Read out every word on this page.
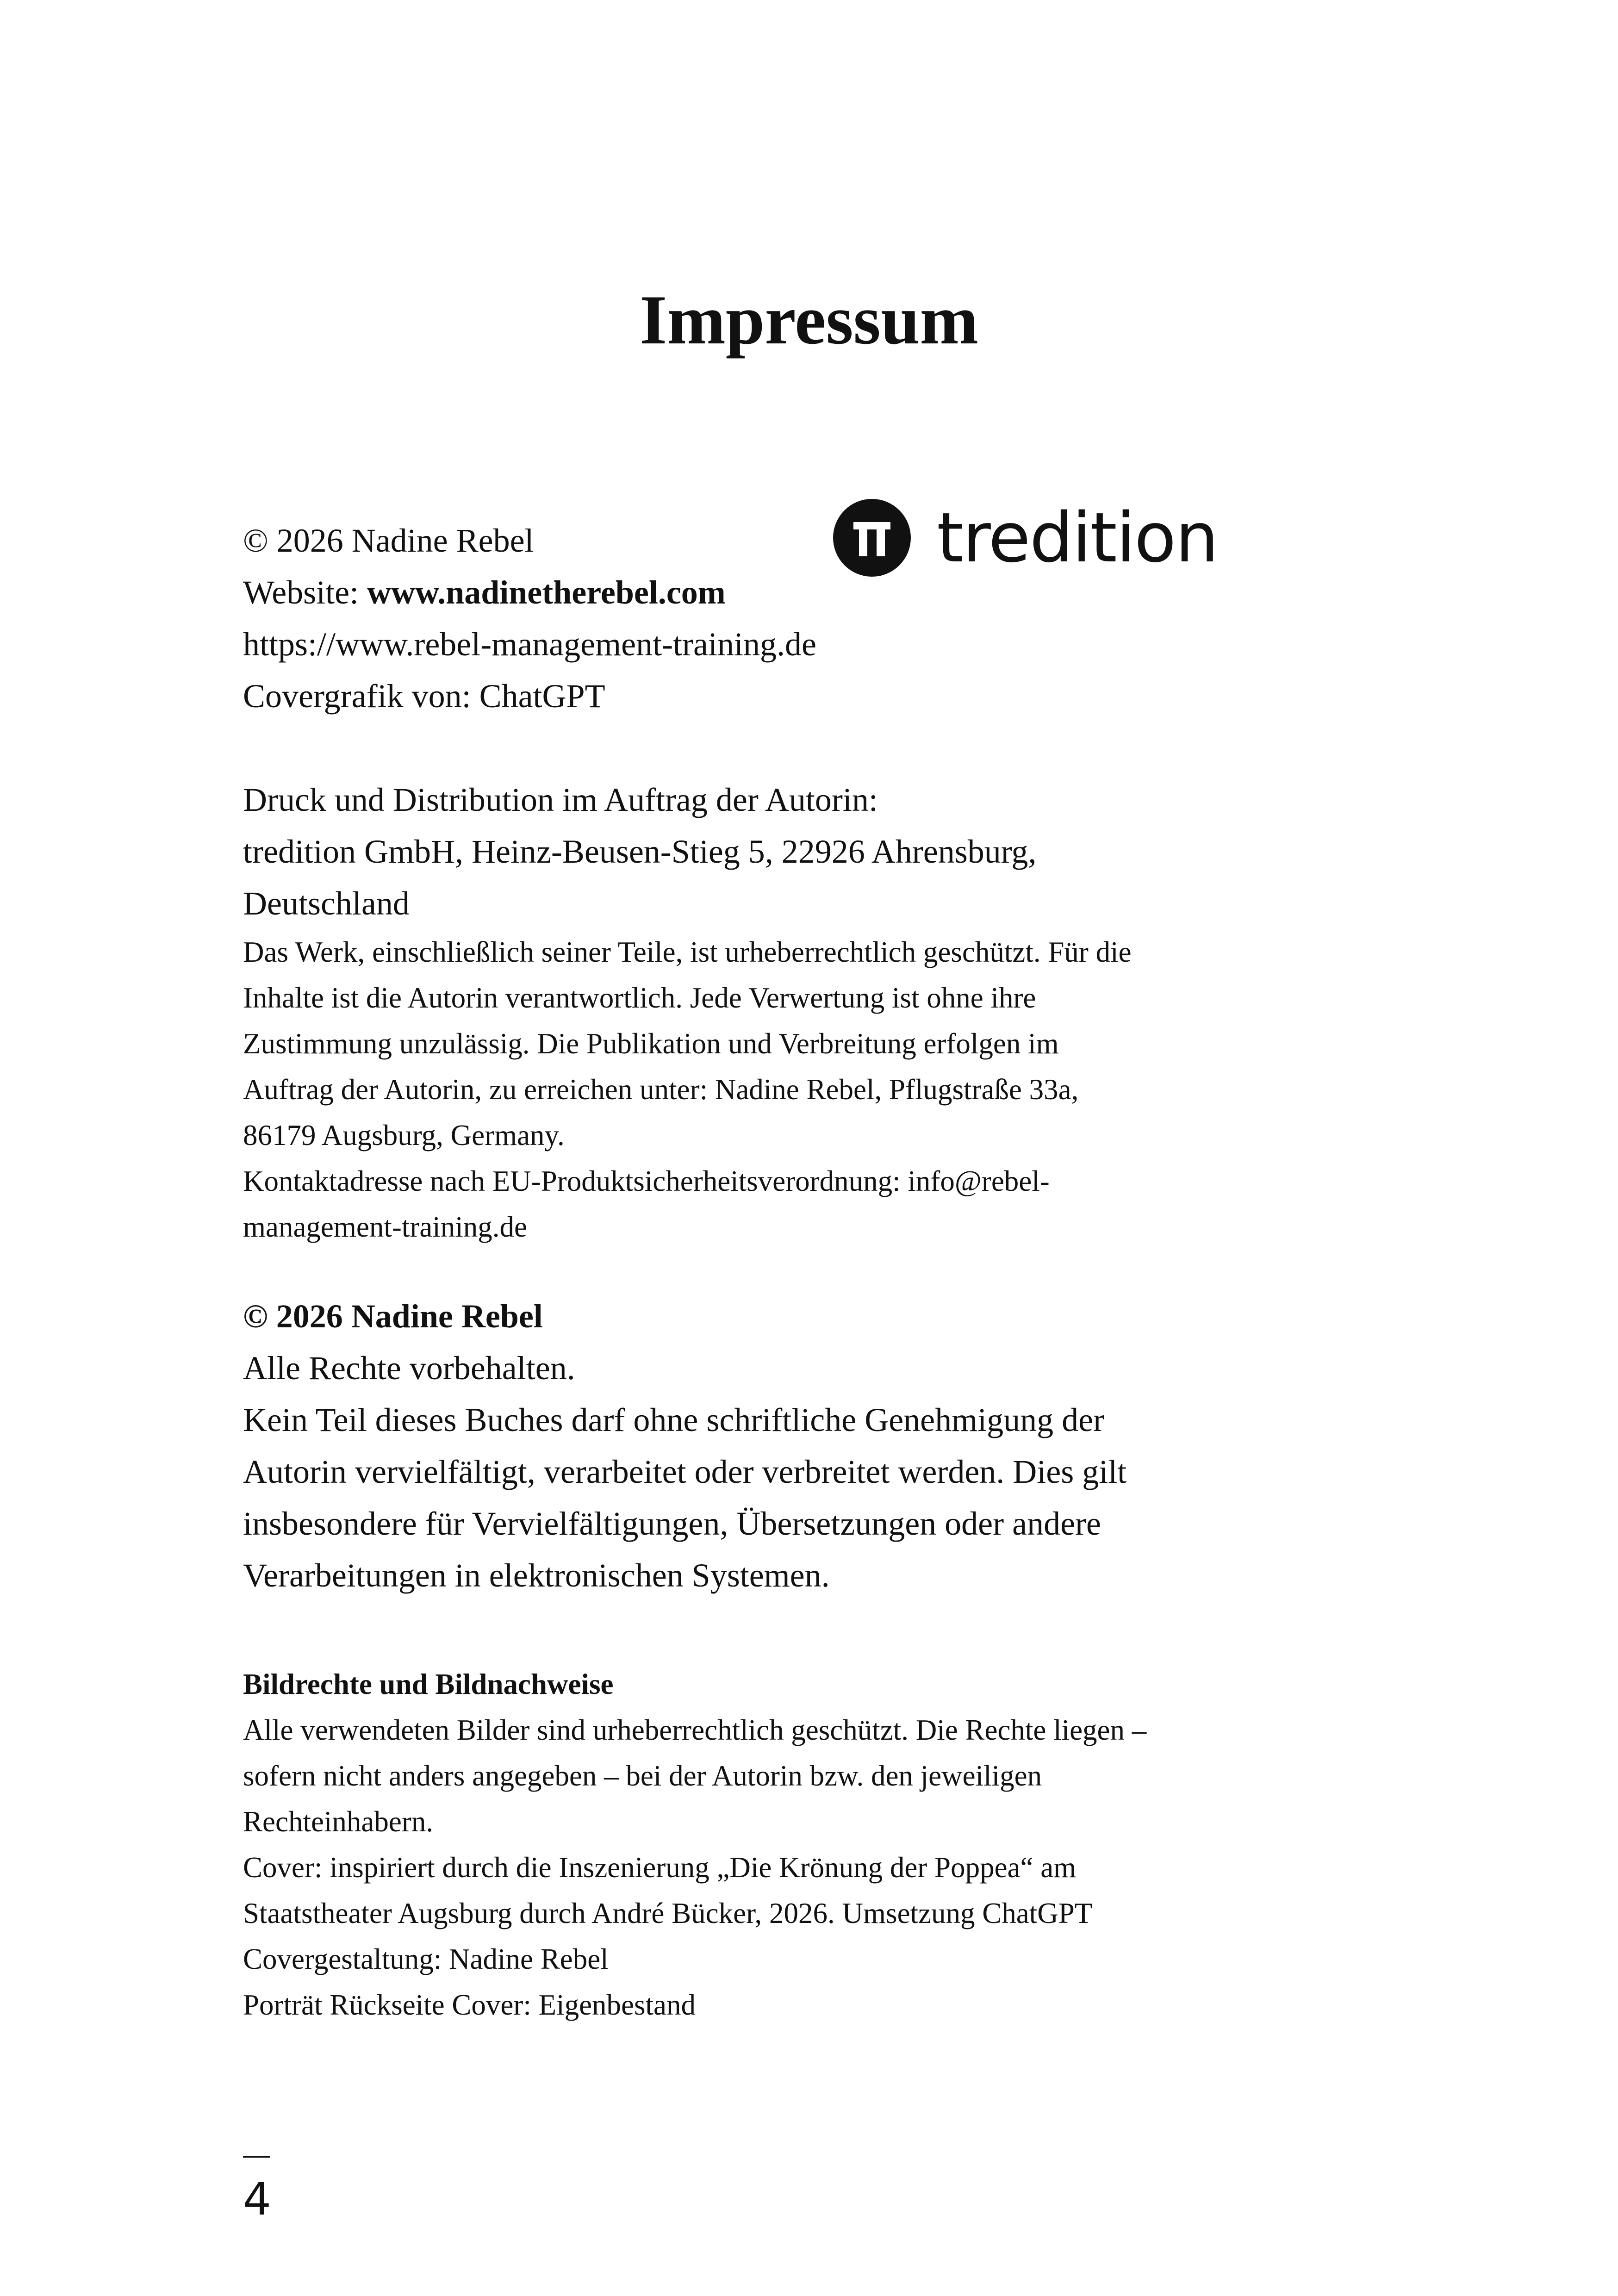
Impressum
tredition
© 2026 Nadine Rebel
Website: www.nadinetherebel.com
https://www.rebel-management-training.de
Covergrafik von: ChatGPT
Druck und Distribution im Auftrag der Autorin:
tredition GmbH, Heinz-Beusen-Stieg 5, 22926 Ahrensburg,
Deutschland
Das Werk, einschließlich seiner Teile, ist urheberrechtlich geschützt. Für die
Inhalte ist die Autorin verantwortlich. Jede Verwertung ist ohne ihre
Zustimmung unzulässig. Die Publikation und Verbreitung erfolgen im
Auftrag der Autorin, zu erreichen unter: Nadine Rebel, Pflugstraße 33a,
86179 Augsburg, Germany.
Kontaktadresse nach EU-Produktsicherheitsverordnung: info@rebel-
management-training.de
© 2026 Nadine Rebel
Alle Rechte vorbehalten.
Kein Teil dieses Buches darf ohne schriftliche Genehmigung der
Autorin vervielfältigt, verarbeitet oder verbreitet werden. Dies gilt
insbesondere für Vervielfältigungen, Übersetzungen oder andere
Verarbeitungen in elektronischen Systemen.
Bildrechte und Bildnachweise
Alle verwendeten Bilder sind urheberrechtlich geschützt. Die Rechte liegen –
sofern nicht anders angegeben – bei der Autorin bzw. den jeweiligen
Rechteinhabern.
Cover: inspiriert durch die Inszenierung „Die Krönung der Poppea“ am
Staatstheater Augsburg durch André Bücker, 2026. Umsetzung ChatGPT
Covergestaltung: Nadine Rebel
Porträt Rückseite Cover: Eigenbestand
4
